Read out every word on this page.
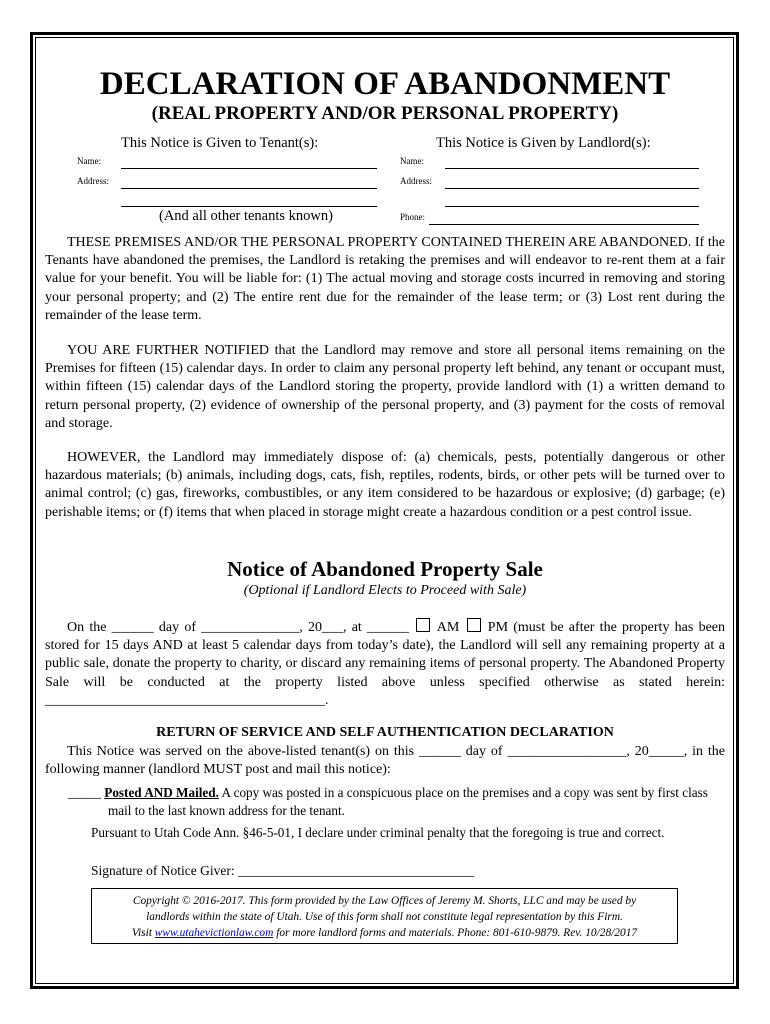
DECLARATION OF ABANDONMENT
(REAL PROPERTY AND/OR PERSONAL PROPERTY)
This Notice is Given to Tenant(s):
Name:
Address:
(And all other tenants known)
This Notice is Given by Landlord(s):
Name:
Address:
Phone:

THESE PREMISES AND/OR THE PERSONAL PROPERTY CONTAINED THEREIN ARE ABANDONED. If the Tenants have abandoned the premises, the Landlord is retaking the premises and will endeavor to re-rent them at a fair value for your benefit. You will be liable for: (1) The actual moving and storage costs incurred in removing and storing your personal property; and (2) The entire rent due for the remainder of the lease term; or (3) Lost rent during the remainder of the lease term.

YOU ARE FURTHER NOTIFIED that the Landlord may remove and store all personal items remaining on the Premises for fifteen (15) calendar days. In order to claim any personal property left behind, any tenant or occupant must, within fifteen (15) calendar days of the Landlord storing the property, provide landlord with (1) a written demand to return personal property, (2) evidence of ownership of the personal property, and (3) payment for the costs of removal and storage.

HOWEVER, the Landlord may immediately dispose of: (a) chemicals, pests, potentially dangerous or other hazardous materials; (b) animals, including dogs, cats, fish, reptiles, rodents, birds, or other pets will be turned over to animal control; (c) gas, fireworks, combustibles, or any item considered to be hazardous or explosive; (d) garbage; (e) perishable items; or (f) items that when placed in storage might create a hazardous condition or a pest control issue.

Notice of Abandoned Property Sale
(Optional if Landlord Elects to Proceed with Sale)

On the ______ day of ______________, 20___, at ______ AM PM (must be after the property has been stored for 15 days AND at least 5 calendar days from today’s date), the Landlord will sell any remaining property at a public sale, donate the property to charity, or discard any remaining items of personal property. The Abandoned Property Sale will be conducted at the property listed above unless specified otherwise as stated herein: ________________________________________.

RETURN OF SERVICE AND SELF AUTHENTICATION DECLARATION

This Notice was served on the above-listed tenant(s) on this ______ day of _________________, 20_____, in the following manner (landlord MUST post and mail this notice):

_____ Posted AND Mailed. A copy was posted in a conspicuous place on the premises and a copy was sent by first class mail to the last known address for the tenant.
Pursuant to Utah Code Ann. §46-5-01, I declare under criminal penalty that the foregoing is true and correct.
Signature of Notice Giver: ___________________________________
Copyright © 2016-2017. This form provided by the Law Offices of Jeremy M. Shorts, LLC and may be used by
landlords within the state of Utah. Use of this form shall not constitute legal representation by this Firm.
Visit www.utahevictionlaw.com for more landlord forms and materials. Phone: 801-610-9879. Rev. 10/28/2017
